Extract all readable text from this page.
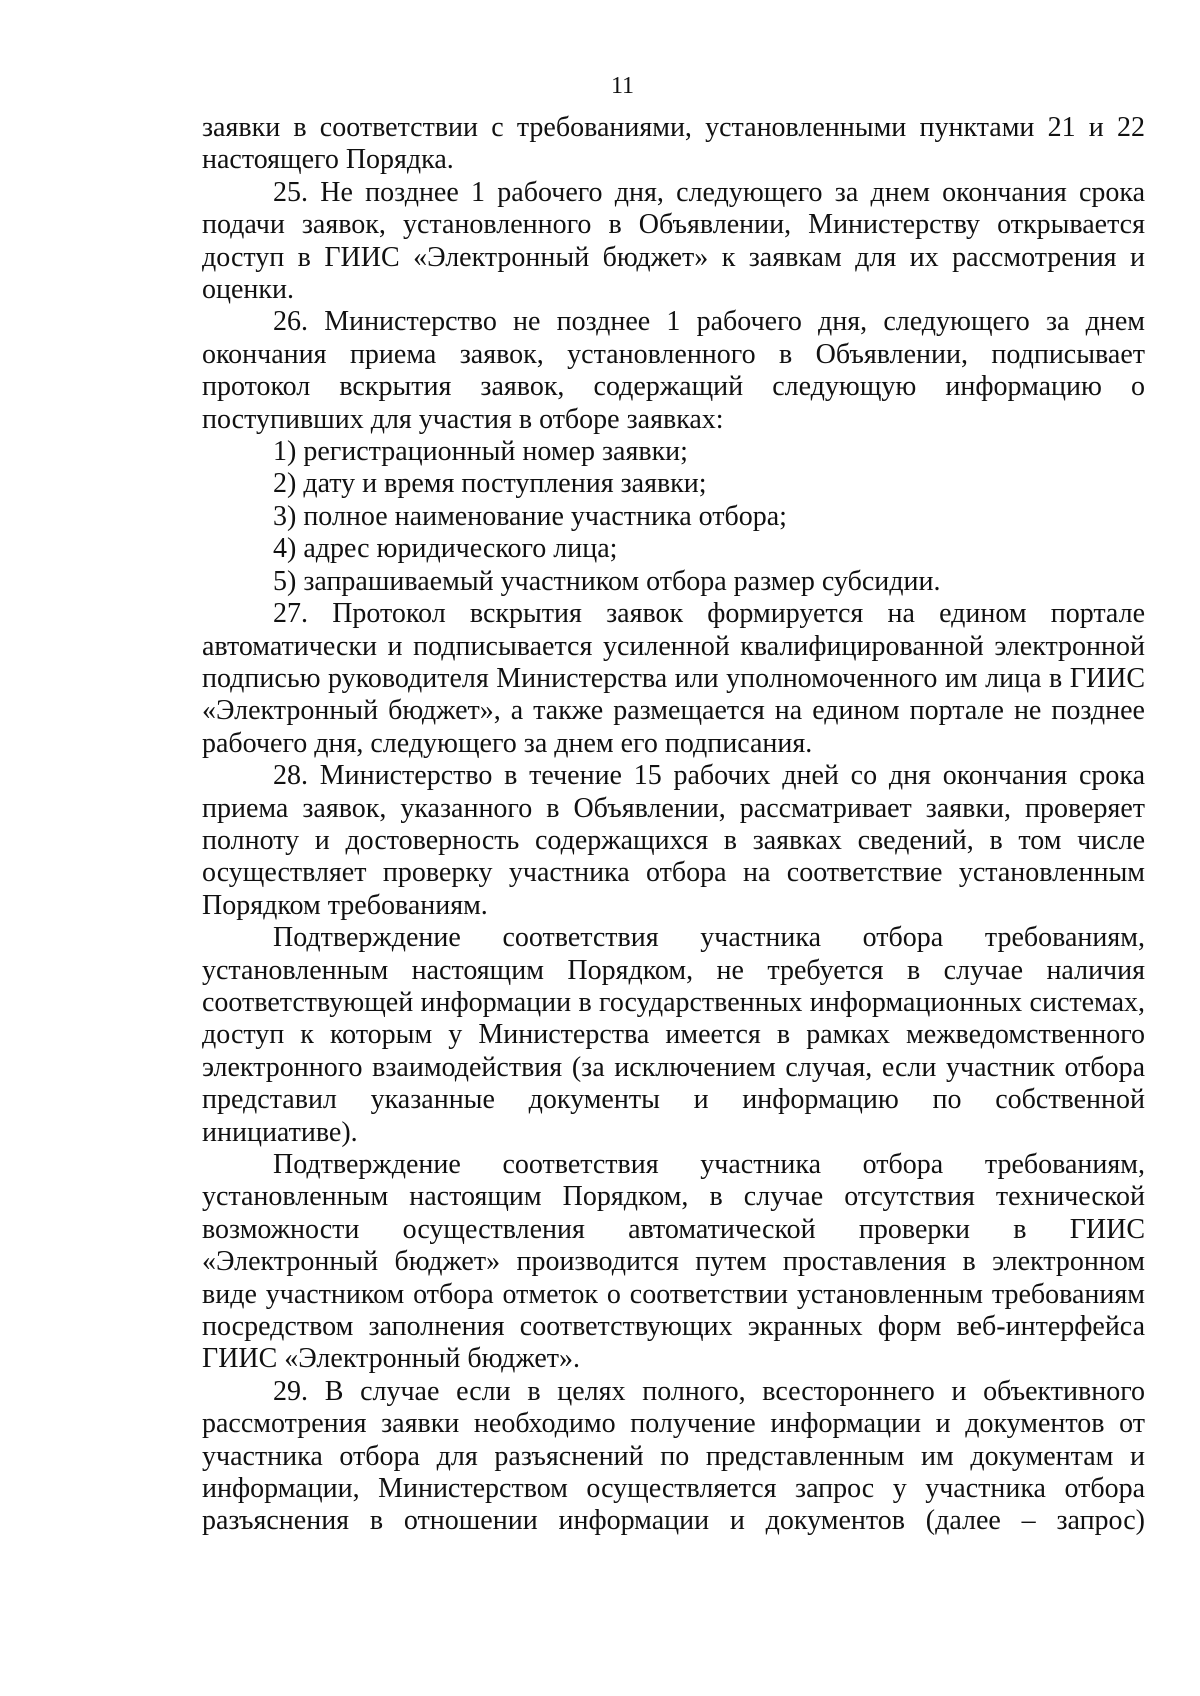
11

заявки в соответствии с требованиями, установленными пунктами 21 и 22 настоящего Порядка.

25. Не позднее 1 рабочего дня, следующего за днем окончания срока подачи заявок, установленного в Объявлении, Министерству открывается доступ в ГИИС «Электронный бюджет» к заявкам для их рассмотрения и оценки.

26. Министерство не позднее 1 рабочего дня, следующего за днем окончания приема заявок, установленного в Объявлении, подписывает протокол вскрытия заявок, содержащий следующую информацию о поступивших для участия в отборе заявках:

1) регистрационный номер заявки;

2) дату и время поступления заявки;

3) полное наименование участника отбора;

4) адрес юридического лица;

5) запрашиваемый участником отбора размер субсидии.

27. Протокол вскрытия заявок формируется на едином портале автоматически и подписывается усиленной квалифицированной электронной подписью руководителя Министерства или уполномоченного им лица в ГИИС «Электронный бюджет», а также размещается на едином портале не позднее рабочего дня, следующего за днем его подписания.

28. Министерство в течение 15 рабочих дней со дня окончания срока приема заявок, указанного в Объявлении, рассматривает заявки, проверяет полноту и достоверность содержащихся в заявках сведений, в том числе осуществляет проверку участника отбора на соответствие установленным Порядком требованиям.

Подтверждение соответствия участника отбора требованиям, установленным настоящим Порядком, не требуется в случае наличия соответствующей информации в государственных информационных системах, доступ к которым у Министерства имеется в рамках межведомственного электронного взаимодействия (за исключением случая, если участник отбора представил указанные документы и информацию по собственной инициативе).

Подтверждение соответствия участника отбора требованиям, установленным настоящим Порядком, в случае отсутствия технической возможности осуществления автоматической проверки в ГИИС «Электронный бюджет» производится путем проставления в электронном виде участником отбора отметок о соответствии установленным требованиям посредством заполнения соответствующих экранных форм веб-интерфейса ГИИС «Электронный бюджет».

29. В случае если в целях полного, всестороннего и объективного рассмотрения заявки необходимо получение информации и документов от участника отбора для разъяснений по представленным им документам и информации, Министерством осуществляется запрос у участника отбора разъяснения в отношении информации и документов (далее – запрос)
